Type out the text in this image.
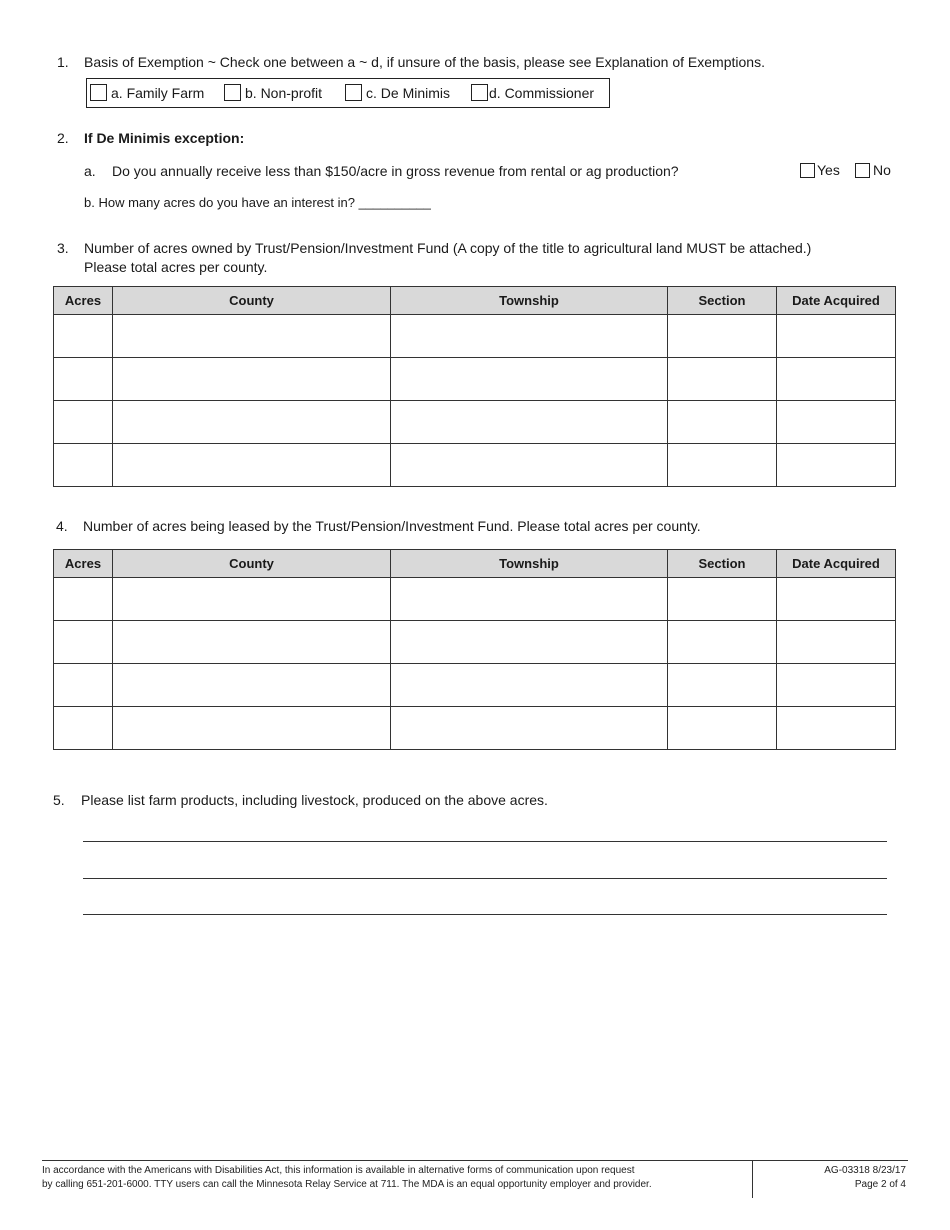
1. Basis of Exemption ~ Check one between a ~ d, if unsure of the basis, please see Explanation of Exemptions.
a. Family Farm	b. Non-profit	c. De Minimis	d. Commissioner
2. If De Minimis exception:
a. Do you annually receive less than $150/acre in gross revenue from rental or ag production?	Yes No
b. How many acres do you have an interest in? __________
3. Number of acres owned by Trust/Pension/Investment Fund (A copy of the title to agricultural land MUST be attached.)
Please total acres per county.
Acres	County	Township	Section	Date Acquired

4. Number of acres being leased by the Trust/Pension/Investment Fund. Please total acres per county.
Acres	County	Township	Section	Date Acquired

5. Please list farm products, including livestock, produced on the above acres.
In accordance with the Americans with Disabilities Act, this information is available in alternative forms of communication upon request
by calling 651-201-6000. TTY users can call the Minnesota Relay Service at 711. The MDA is an equal opportunity employer and provider.
AG-03318 8/23/17
Page 2 of 4
